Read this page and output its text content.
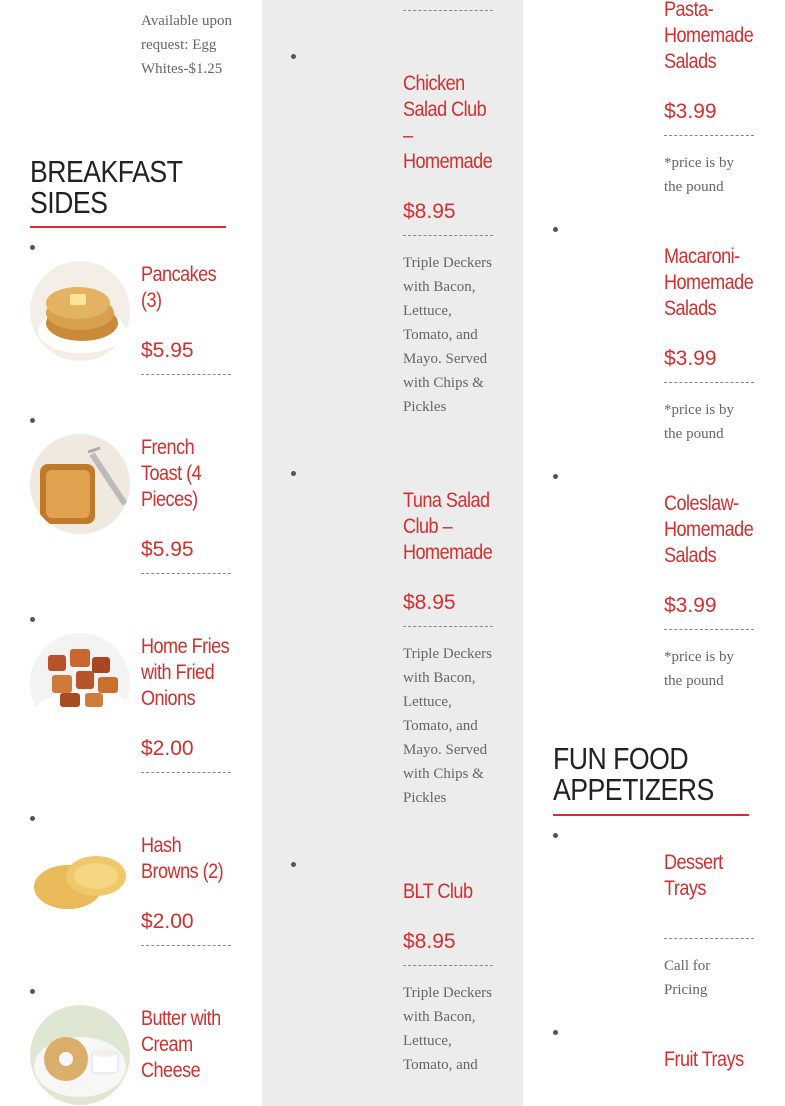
Available upon request: Egg Whites-$1.25
BREAKFAST
SIDES
Pancakes
(3)
$5.95
French
Toast (4
Pieces)
$5.95
Home Fries
with Fried
Onions
$2.00
Hash
Browns (2)
$2.00
Butter with
Cream
Cheese
Chicken
Salad Club
–
Homemade
$8.95
Triple Deckers with Bacon, Lettuce, Tomato, and Mayo. Served with Chips & Pickles
Tuna Salad
Club –
Homemade
$8.95
Triple Deckers with Bacon, Lettuce, Tomato, and Mayo. Served with Chips & Pickles
BLT Club
$8.95
Triple Deckers with Bacon, Lettuce, Tomato, and
Pasta-
Homemade
Salads
$3.99
*price is by the pound
Macaroni-
Homemade
Salads
$3.99
*price is by the pound
Coleslaw-
Homemade
Salads
$3.99
*price is by the pound
FUN FOOD
APPETIZERS
Dessert
Trays
Call for Pricing
Fruit Trays
